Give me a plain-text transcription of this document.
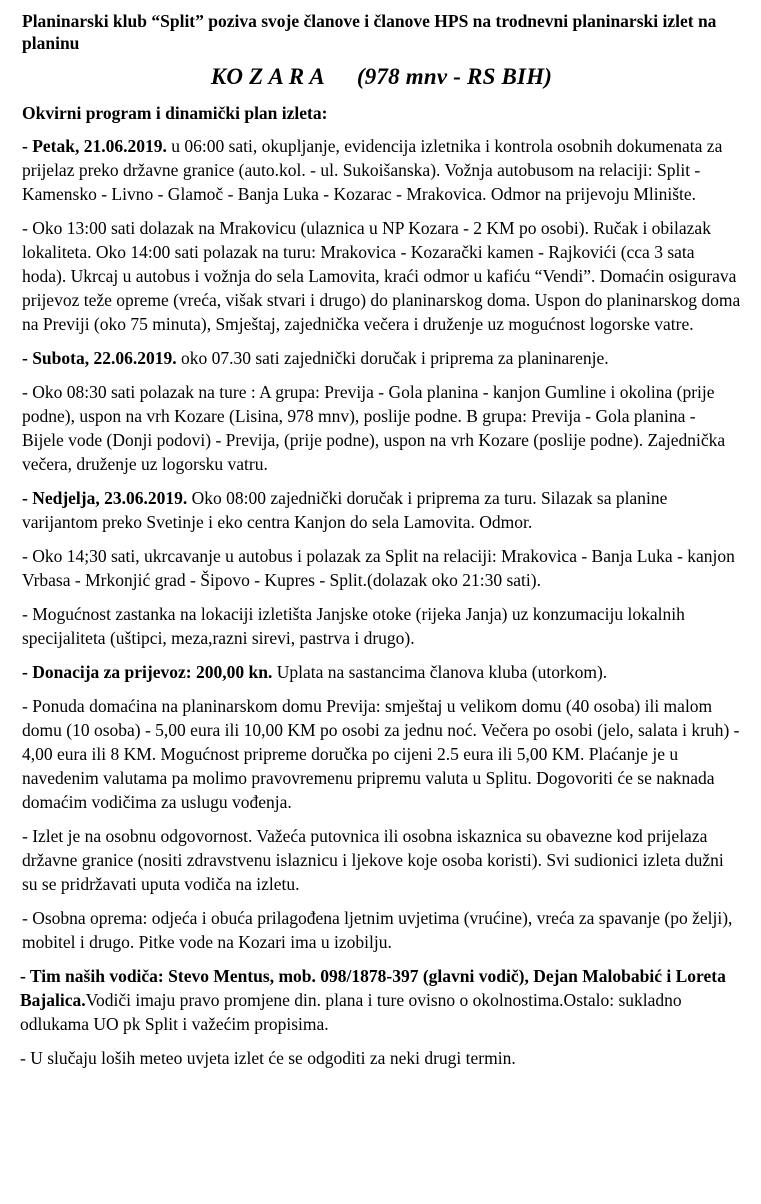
Planinarski klub “Split” poziva svoje članove i članove HPS na trodnevni planinarski izlet na planinu

KO Z A R A (978 mnv - RS BIH)

Okvirni program i dinamički plan izleta:

- Petak, 21.06.2019. u 06:00 sati, okupljanje, evidencija izletnika i kontrola osobnih dokumenata za prijelaz preko državne granice (auto.kol. - ul. Sukoišanska). Vožnja autobusom na relaciji: Split - Kamensko - Livno - Glamoč - Banja Luka - Kozarac - Mrakovica. Odmor na prijevoju Mlinište.

- Oko 13:00 sati dolazak na Mrakovicu (ulaznica u NP Kozara - 2 KM po osobi). Ručak i obilazak lokaliteta. Oko 14:00 sati polazak na turu: Mrakovica - Kozarački kamen - Rajkovići (cca 3 sata hoda). Ukrcaj u autobus i vožnja do sela Lamovita, kraći odmor u kafiću “Vendi”. Domaćin osigurava prijevoz teže opreme (vreća, višak stvari i drugo) do planinarskog doma. Uspon do planinarskog doma na Previji (oko 75 minuta), Smještaj, zajednička večera i druženje uz mogućnost logorske vatre.

- Subota, 22.06.2019. oko 07.30 sati zajednički doručak i priprema za planinarenje.

- Oko 08:30 sati polazak na ture : A grupa: Previja - Gola planina - kanjon Gumline i okolina (prije podne), uspon na vrh Kozare (Lisina, 978 mnv), poslije podne. B grupa: Previja - Gola planina - Bijele vode (Donji podovi) - Previja, (prije podne), uspon na vrh Kozare (poslije podne). Zajednička večera, druženje uz logorsku vatru.

- Nedjelja, 23.06.2019. Oko 08:00 zajednički doručak i priprema za turu. Silazak sa planine varijantom preko Svetinje i eko centra Kanjon do sela Lamovita. Odmor.

- Oko 14;30 sati, ukrcavanje u autobus i polazak za Split na relaciji: Mrakovica - Banja Luka - kanjon Vrbasa - Mrkonjić grad - Šipovo - Kupres - Split.(dolazak oko 21:30 sati).

- Mogućnost zastanka na lokaciji izletišta Janjske otoke (rijeka Janja) uz konzumaciju lokalnih specijaliteta (uštipci, meza,razni sirevi, pastrva i drugo).

- Donacija za prijevoz: 200,00 kn. Uplata na sastancima članova kluba (utorkom).

- Ponuda domaćina na planinarskom domu Previja: smještaj u velikom domu (40 osoba) ili malom domu (10 osoba) - 5,00 eura ili 10,00 KM po osobi za jednu noć. Večera po osobi (jelo, salata i kruh) - 4,00 eura ili 8 KM. Mogućnost pripreme doručka po cijeni 2.5 eura ili 5,00 KM. Plaćanje je u navedenim valutama pa molimo pravovremenu pripremu valuta u Splitu. Dogovoriti će se naknada domaćim vodičima za uslugu vođenja.

- Izlet je na osobnu odgovornost. Važeća putovnica ili osobna iskaznica su obavezne kod prijelaza državne granice (nositi zdravstvenu islaznicu i ljekove koje osoba koristi). Svi sudionici izleta dužni su se pridržavati uputa vodiča na izletu.

- Osobna oprema: odjeća i obuća prilagođena ljetnim uvjetima (vrućine), vreća za spavanje (po želji), mobitel i drugo. Pitke vode na Kozari ima u izobilju.

- Tim naših vodiča: Stevo Mentus, mob. 098/1878-397 (glavni vodič), Dejan Malobabić i Loreta Bajalica.Vodiči imaju pravo promjene din. plana i ture ovisno o okolnostima.Ostalo: sukladno odlukama UO pk Split i važećim propisima.

- U slučaju loših meteo uvjeta izlet će se odgoditi za neki drugi termin.
